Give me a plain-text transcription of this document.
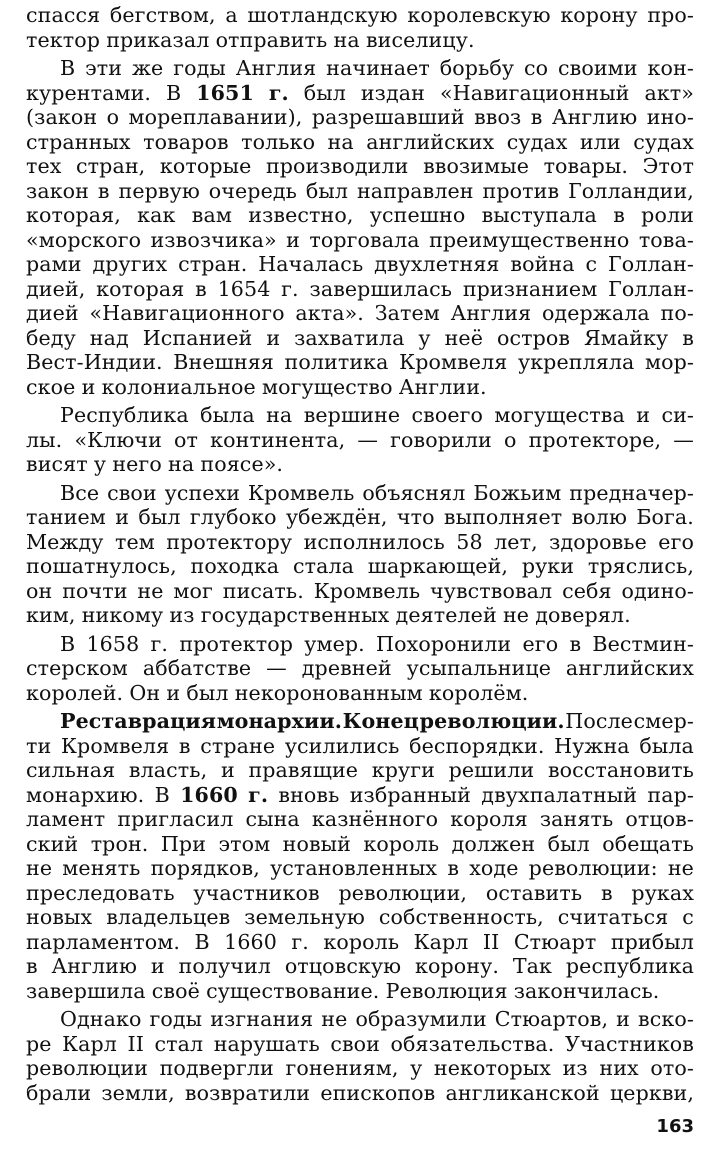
спасся бегством, а шотландскую королевскую корону про-
тектор приказал отправить на виселицу.
В эти же годы Англия начинает борьбу со своими кон-
курентами. В 1651 г. был издан «Навигационный акт»
(закон о мореплавании), разрешавший ввоз в Англию ино-
странных товаров только на английских судах или судах
тех стран, которые производили ввозимые товары. Этот
закон в первую очередь был направлен против Голландии,
которая, как вам известно, успешно выступала в роли
«морского извозчика» и торговала преимущественно това-
рами других стран. Началась двухлетняя война с Голлан-
дией, которая в 1654 г. завершилась признанием Голлан-
дией «Навигационного акта». Затем Англия одержала по-
беду над Испанией и захватила у неё остров Ямайку в
Вест-Индии. Внешняя политика Кромвеля укрепляла мор-
ское и колониальное могущество Англии.
Республика была на вершине своего могущества и си-
лы. «Ключи от континента, — говорили о протекторе, —
висят у него на поясе».
Все свои успехи Кромвель объяснял Божьим предначер-
танием и был глубоко убеждён, что выполняет волю Бога.
Между тем протектору исполнилось 58 лет, здоровье его
пошатнулось, походка стала шаркающей, руки тряслись,
он почти не мог писать. Кромвель чувствовал себя одино-
ким, никому из государственных деятелей не доверял.
В 1658 г. протектор умер. Похоронили его в Вестмин-
стерском аббатстве — древней усыпальнице английских
королей. Он и был некоронованным королём.
Реставрация монархии. Конец революции. После смер-
ти Кромвеля в стране усилились беспорядки. Нужна была
сильная власть, и правящие круги решили восстановить
монархию. В 1660 г. вновь избранный двухпалатный пар-
ламент пригласил сына казнённого короля занять отцов-
ский трон. При этом новый король должен был обещать
не менять порядков, установленных в ходе революции: не
преследовать участников революции, оставить в руках
новых владельцев земельную собственность, считаться с
парламентом. В 1660 г. король Карл II Стюарт прибыл
в Англию и получил отцовскую корону. Так республика
завершила своё существование. Революция закончилась.
Однако годы изгнания не образумили Стюартов, и вско-
ре Карл II стал нарушать свои обязательства. Участников
революции подвергли гонениям, у некоторых из них ото-
брали земли, возвратили епископов англиканской церкви,
163
